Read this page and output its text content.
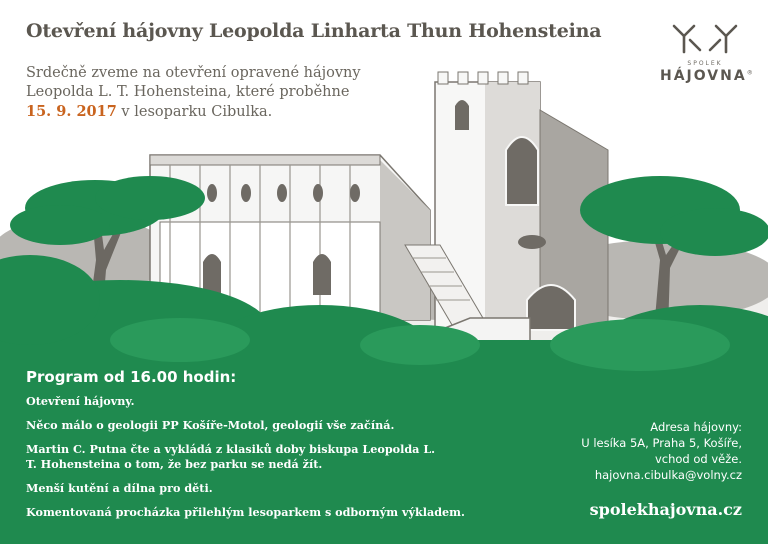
Otevření hájovny Leopolda Linharta Thun Hohensteina
Srdečně zveme na otevření opravené hájovny
Leopolda L. T. Hohensteina, které proběhne
15. 9. 2017 v lesoparku Cibulka.
SPOLEK
HÁJOVNA®
Program od 16.00 hodin:
Otevření hájovny.
Něco málo o geologii PP Košíře-Motol, geologií vše začíná.
Martin C. Putna čte a vykládá z klasiků doby biskupa Leopolda L. T. Hohensteina o tom, že bez parku se nedá žít.
Menší kutění a dílna pro děti.
Komentovaná procházka přilehlým lesoparkem s odborným výkladem.
Adresa hájovny:
U lesíka 5A, Praha 5, Košíře,
vchod od věže.
hajovna.cibulka@volny.cz
spolekhajovna.cz
